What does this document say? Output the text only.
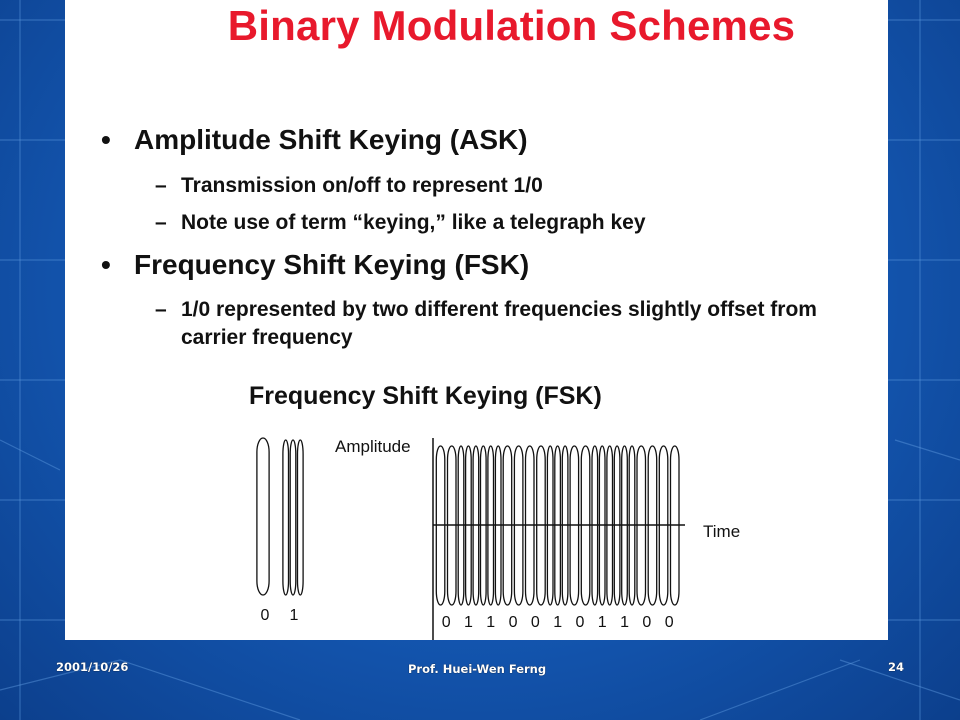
Binary Modulation Schemes
• Amplitude Shift Keying (ASK)
– Transmission on/off to represent 1/0
– Note use of term “keying,” like a telegraph key
• Frequency Shift Keying (FSK)
– 1/0 represented by two different frequencies slightly offset from carrier frequency
Frequency Shift Keying (FSK)
Amplitude
Time
0 1	0 1 1 0 0 1 0 1 1 0 0
2001/10/26	Prof. Huei-Wen Ferng	24
